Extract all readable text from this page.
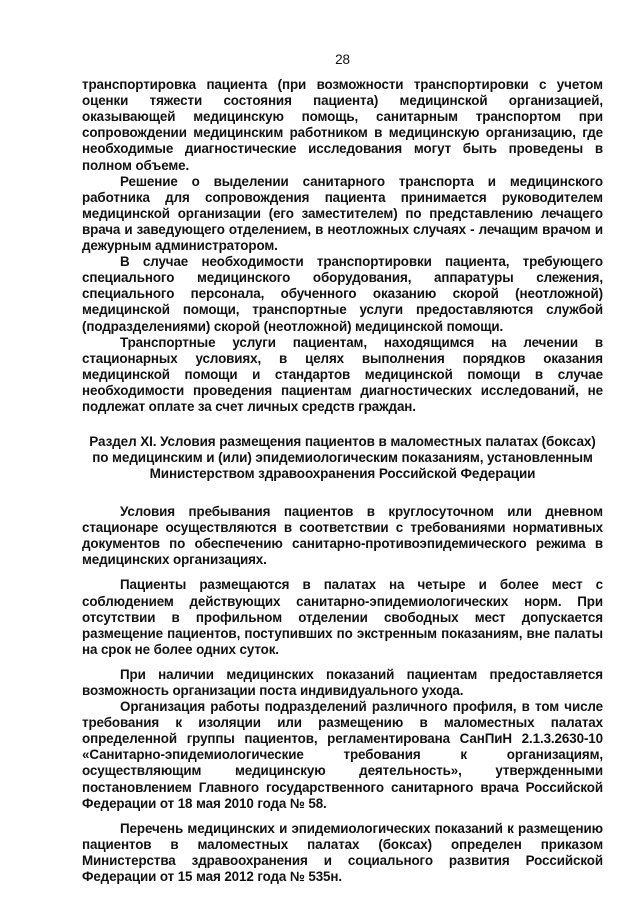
28

транспортировка пациента (при возможности транспортировки с учетом оценки тяжести состояния пациента) медицинской организацией, оказывающей медицинскую помощь, санитарным транспортом при сопровождении медицинским работником в медицинскую организацию, где необходимые диагностические исследования могут быть проведены в полном объеме.

Решение о выделении санитарного транспорта и медицинского работника для сопровождения пациента принимается руководителем медицинской организации (его заместителем) по представлению лечащего врача и заведующего отделением, в неотложных случаях - лечащим врачом и дежурным администратором.

В случае необходимости транспортировки пациента, требующего специального медицинского оборудования, аппаратуры слежения, специального персонала, обученного оказанию скорой (неотложной) медицинской помощи, транспортные услуги предоставляются службой (подразделениями) скорой (неотложной) медицинской помощи.

Транспортные услуги пациентам, находящимся на лечении в стационарных условиях, в целях выполнения порядков оказания медицинской помощи и стандартов медицинской помощи в случае необходимости проведения пациентам диагностических исследований, не подлежат оплате за счет личных средств граждан.

Раздел XI. Условия размещения пациентов в маломестных палатах (боксах) по медицинским и (или) эпидемиологическим показаниям, установленным Министерством здравоохранения Российской Федерации

Условия пребывания пациентов в круглосуточном или дневном стационаре осуществляются в соответствии с требованиями нормативных документов по обеспечению санитарно-противоэпидемического режима в медицинских организациях.

Пациенты размещаются в палатах на четыре и более мест с соблюдением действующих санитарно-эпидемиологических норм. При отсутствии в профильном отделении свободных мест допускается размещение пациентов, поступивших по экстренным показаниям, вне палаты на срок не более одних суток.

При наличии медицинских показаний пациентам предоставляется возможность организации поста индивидуального ухода.

Организация работы подразделений различного профиля, в том числе требования к изоляции или размещению в маломестных палатах определенной группы пациентов, регламентирована СанПиН 2.1.3.2630-10 «Санитарно-эпидемиологические требования к организациям, осуществляющим медицинскую деятельность», утвержденными постановлением Главного государственного санитарного врача Российской Федерации от 18 мая 2010 года № 58.

Перечень медицинских и эпидемиологических показаний к размещению пациентов в маломестных палатах (боксах) определен приказом Министерства здравоохранения и социального развития Российской Федерации от 15 мая 2012 года № 535н.
